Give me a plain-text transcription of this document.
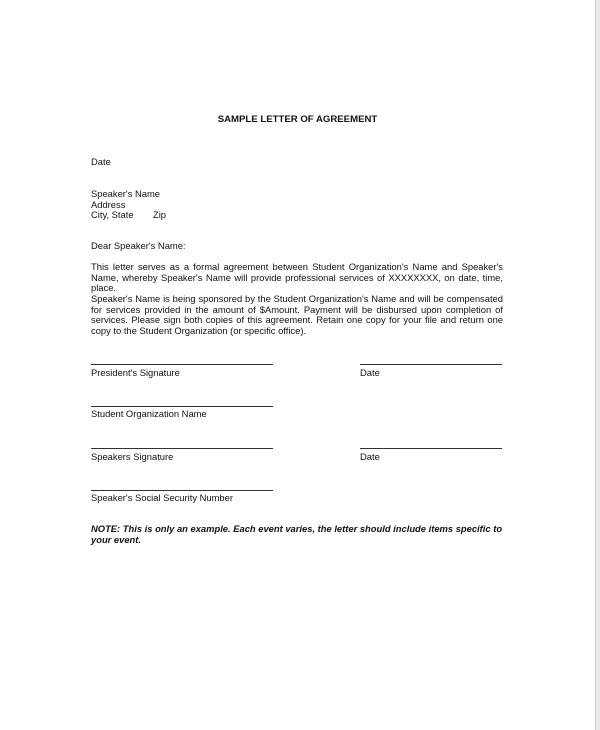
SAMPLE LETTER OF AGREEMENT

Date

Speaker's Name

Address

City, State Zip

Dear Speaker's Name:

This letter serves as a formal agreement between Student Organization's Name and Speaker's Name, whereby Speaker's Name will provide professional services of XXXXXXXX, on date, time, place.

Speaker's Name is being sponsored by the Student Organization's Name and will be compensated for services provided in the amount of $Amount. Payment will be disbursed upon completion of services. Please sign both copies of this agreement. Retain one copy for your file and return one copy to the Student Organization (or specific office).

President's Signature	Date

Student Organization Name

Speakers Signature	Date

Speaker's Social Security Number

NOTE: This is only an example. Each event varies, the letter should include items specific to your event.
